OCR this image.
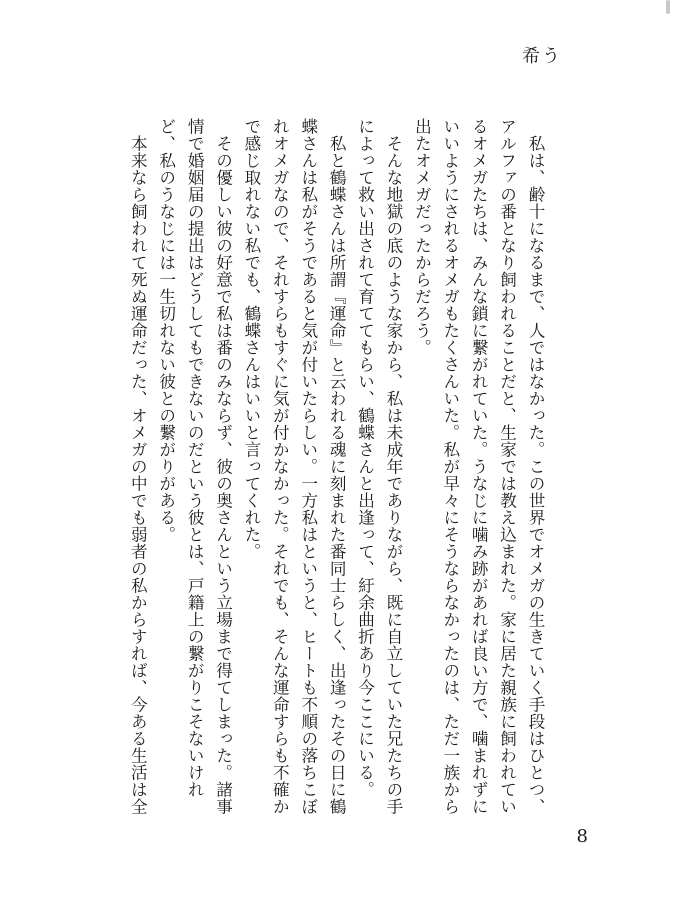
希う

私は、齢十になるまで、人ではなかった。この世界でオメガの生きていく手段はひとつ、アルファの番となり飼われることだと、生家では教え込まれた。家に居た親族に飼われているオメガたちは、みんな鎖に繋がれていた。うなじに噛み跡があれば良い方で、噛まれずにいいようにされるオメガもたくさんいた。私が早々にそうならなかったのは、ただ一族から出たオメガだったからだろう。

そんな地獄の底のような家から、私は未成年でありながら、既に自立していた兄たちの手によって救い出されて育ててもらい、鶴蝶さんと出逢って、紆余曲折あり今ここにいる。

私と鶴蝶さんは所謂『運命』と云われる魂に刻まれた番同士らしく、出逢ったその日に鶴蝶さんは私がそうであると気が付いたらしい。一方私はというと、ヒートも不順の落ちこぼれオメガなので、それすらもすぐに気が付かなかった。それでも、そんな運命すらも不確かで感じ取れない私でも、鶴蝶さんはいいと言ってくれた。

その優しい彼の好意で私は番のみならず、彼の奥さんという立場まで得てしまった。諸事情で婚姻届の提出はどうしてもできないのだという彼とは、戸籍上の繋がりこそないけれど、私のうなじには一生切れない彼との繋がりがある。

本来なら飼われて死ぬ運命だった、オメガの中でも弱者の私からすれば、今ある生活は全

8
